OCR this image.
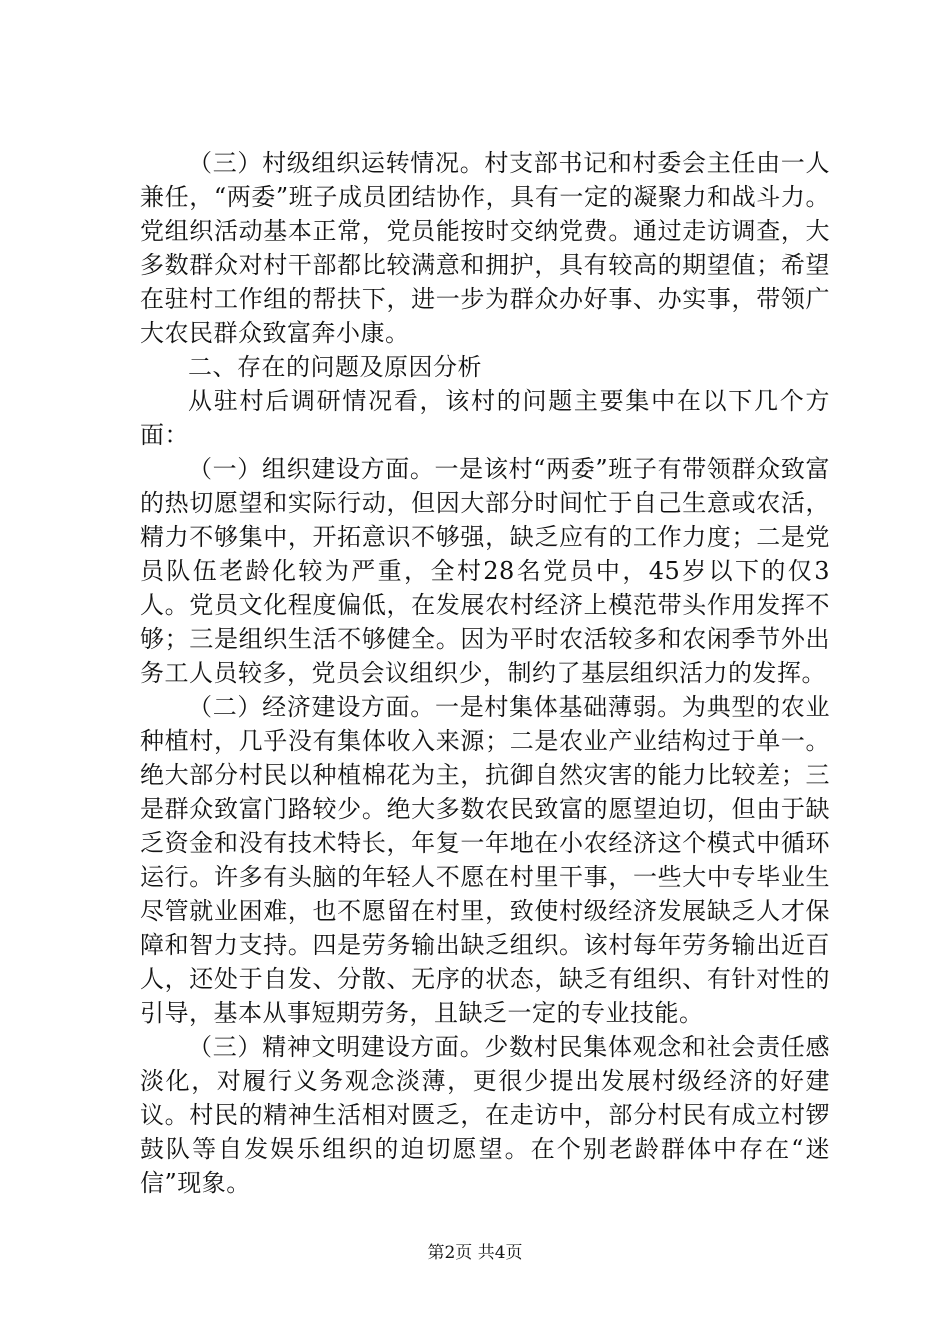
（三）村级组织运转情况。村支部书记和村委会主任由一人兼任，“两委”班子成员团结协作，具有一定的凝聚力和战斗力。党组织活动基本正常，党员能按时交纳党费。通过走访调查，大多数群众对村干部都比较满意和拥护，具有较高的期望值；希望在驻村工作组的帮扶下，进一步为群众办好事、办实事，带领广大农民群众致富奔小康。

二、存在的问题及原因分析

从驻村后调研情况看，该村的问题主要集中在以下几个方面：

（一）组织建设方面。一是该村“两委”班子有带领群众致富的热切愿望和实际行动，但因大部分时间忙于自己生意或农活，精力不够集中，开拓意识不够强，缺乏应有的工作力度；二是党员队伍老龄化较为严重，全村28名党员中，45岁以下的仅3人。党员文化程度偏低，在发展农村经济上模范带头作用发挥不够；三是组织生活不够健全。因为平时农活较多和农闲季节外出务工人员较多，党员会议组织少，制约了基层组织活力的发挥。

（二）经济建设方面。一是村集体基础薄弱。为典型的农业种植村，几乎没有集体收入来源；二是农业产业结构过于单一。绝大部分村民以种植棉花为主，抗御自然灾害的能力比较差；三是群众致富门路较少。绝大多数农民致富的愿望迫切，但由于缺乏资金和没有技术特长，年复一年地在小农经济这个模式中循环运行。许多有头脑的年轻人不愿在村里干事，一些大中专毕业生尽管就业困难，也不愿留在村里，致使村级经济发展缺乏人才保障和智力支持。四是劳务输出缺乏组织。该村每年劳务输出近百人，还处于自发、分散、无序的状态，缺乏有组织、有针对性的引导，基本从事短期劳务，且缺乏一定的专业技能。

（三）精神文明建设方面。少数村民集体观念和社会责任感淡化，对履行义务观念淡薄，更很少提出发展村级经济的好建议。村民的精神生活相对匮乏，在走访中，部分村民有成立村锣鼓队等自发娱乐组织的迫切愿望。在个别老龄群体中存在“迷信”现象。

第2页 共4页
